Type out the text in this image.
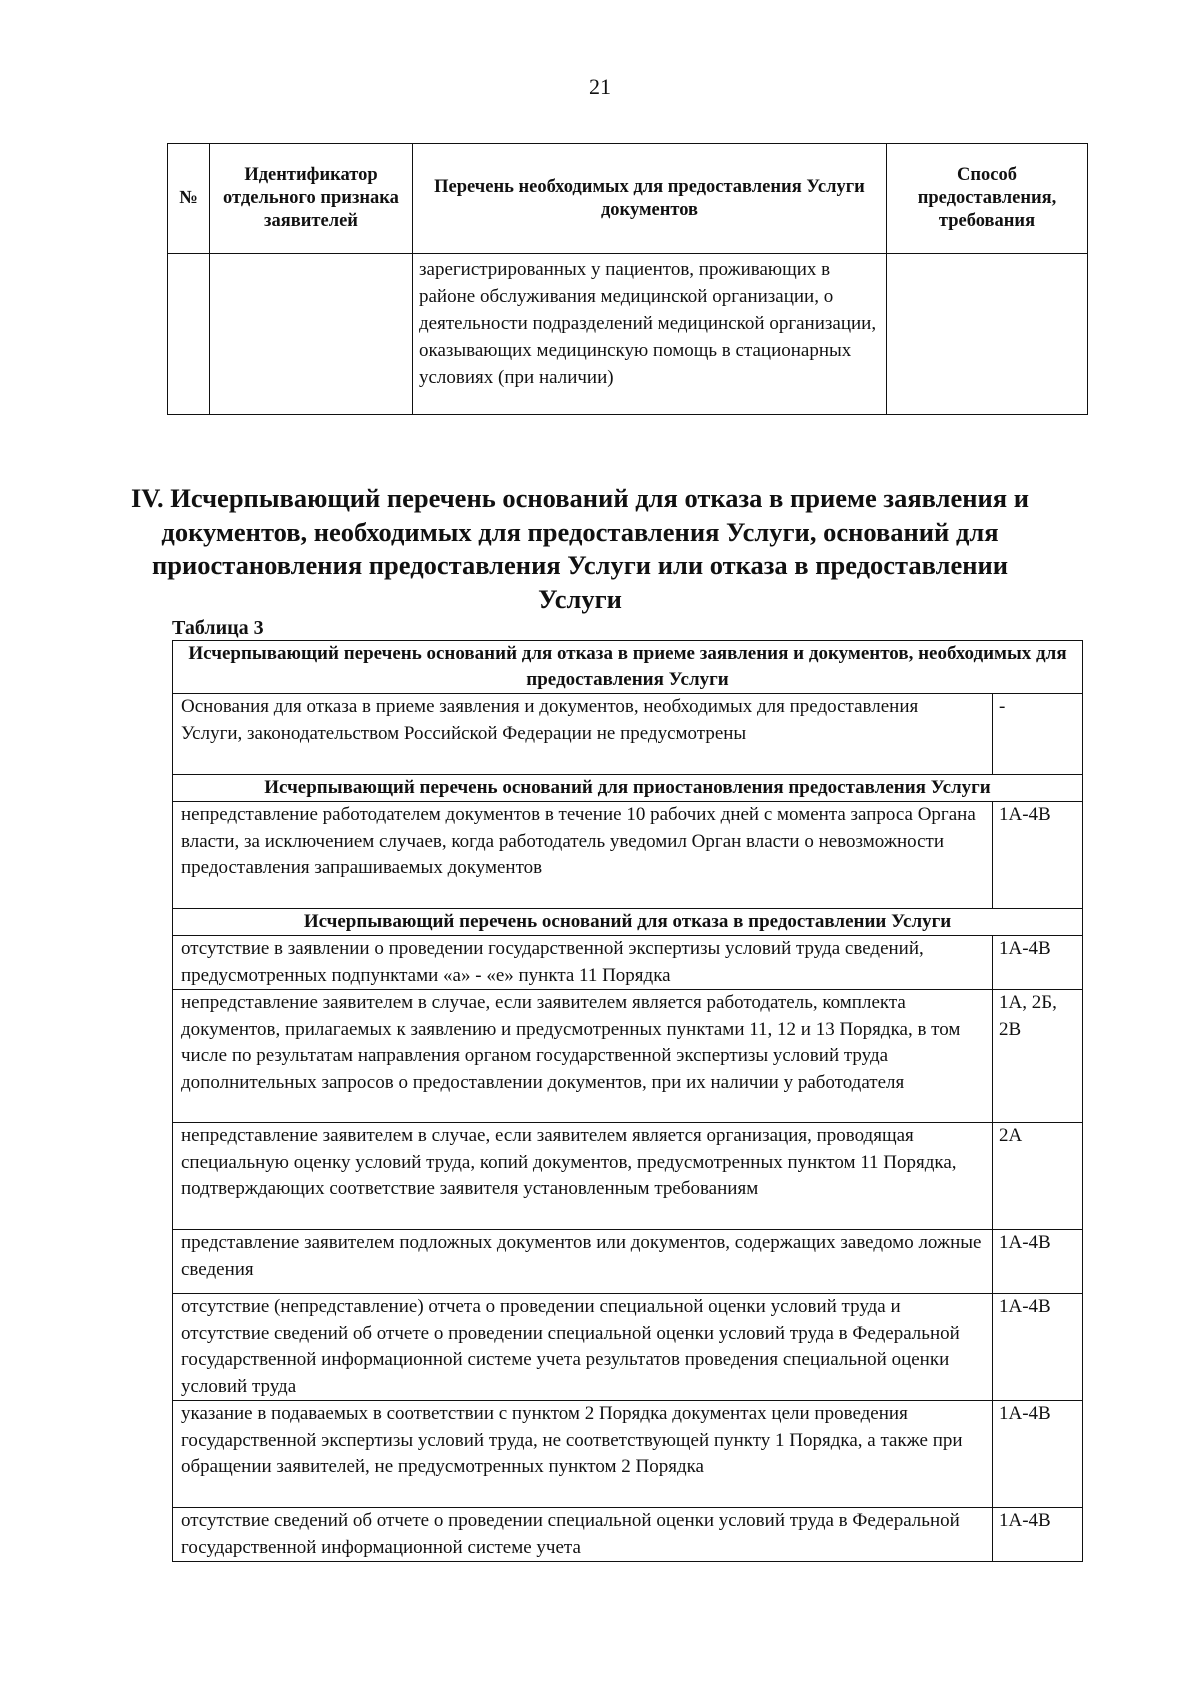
21
№	Идентификатор отдельного признака заявителей	Перечень необходимых для предоставления Услуги документов	Способ предоставления, требования
		зарегистрированных у пациентов, проживающих в районе обслуживания медицинской организации, о деятельности подразделений медицинской организации, оказывающих медицинскую помощь в стационарных условиях (при наличии)	
IV. Исчерпывающий перечень оснований для отказа в приеме заявления и документов, необходимых для предоставления Услуги, оснований для приостановления предоставления Услуги или отказа в предоставлении Услуги
Таблица 3
Исчерпывающий перечень оснований для отказа в приеме заявления и документов, необходимых для предоставления Услуги	
Основания для отказа в приеме заявления и документов, необходимых для предоставления Услуги, законодательством Российской Федерации не предусмотрены	-
Исчерпывающий перечень оснований для приостановления предоставления Услуги	
непредставление работодателем документов в течение 10 рабочих дней с момента запроса Органа власти, за исключением случаев, когда работодатель уведомил Орган власти о невозможности предоставления запрашиваемых документов	1А-4В
Исчерпывающий перечень оснований для отказа в предоставлении Услуги	
отсутствие в заявлении о проведении государственной экспертизы условий труда сведений, предусмотренных подпунктами «а» - «е» пункта 11 Порядка	1А-4В
непредставление заявителем в случае, если заявителем является работодатель, комплекта документов, прилагаемых к заявлению и предусмотренных пунктами 11, 12 и 13 Порядка, в том числе по результатам направления органом государственной экспертизы условий труда дополнительных запросов о предоставлении документов, при их наличии у работодателя	1А, 2Б, 2В
непредставление заявителем в случае, если заявителем является организация, проводящая специальную оценку условий труда, копий документов, предусмотренных пунктом 11 Порядка, подтверждающих соответствие заявителя установленным требованиям	2А
представление заявителем подложных документов или документов, содержащих заведомо ложные сведения	1А-4В
отсутствие (непредставление) отчета о проведении специальной оценки условий труда и отсутствие сведений об отчете о проведении специальной оценки условий труда в Федеральной государственной информационной системе учета результатов проведения специальной оценки условий труда	1А-4В
указание в подаваемых в соответствии с пунктом 2 Порядка документах цели проведения государственной экспертизы условий труда, не соответствующей пункту 1 Порядка, а также при обращении заявителей, не предусмотренных пунктом 2 Порядка	1А-4В
отсутствие сведений об отчете о проведении специальной оценки условий труда в Федеральной государственной информационной системе учета	1А-4В
